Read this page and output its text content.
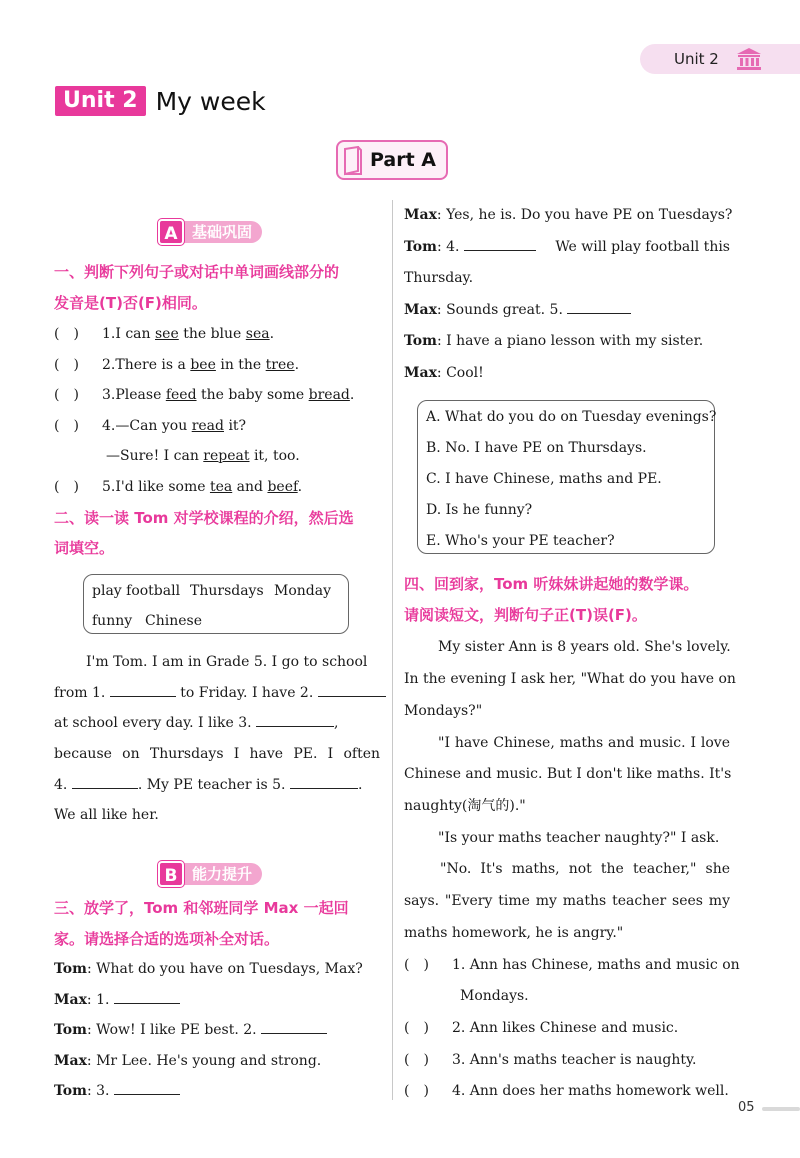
Unit 2
Unit 2 My week
Part A
A 基础巩固
一、判断下列句子或对话中单词画线部分的
发音是(T)否(F)相同。
(　) 1.I can see the blue sea.
(　) 2.There is a bee in the tree.
(　) 3.Please feed the baby some bread.
(　) 4.—Can you read it?
—Sure! I can repeat it, too.
(　) 5.I'd like some tea and beef.
二、读一读 Tom 对学校课程的介绍，然后选
词填空。
play football Thursdays Monday
funny Chinese
I'm Tom. I am in Grade 5. I go to school
from 1.	to Friday. I have 2.
at school every day. I like 3.	,
because on Thursdays I have PE. I often
4.	. My PE teacher is 5.	.
We all like her.
B 能力提升
三、放学了，Tom 和邻班同学 Max 一起回
家。请选择合适的选项补全对话。
Tom: What do you have on Tuesdays, Max?
Max: 1.
Tom: Wow! I like PE best. 2.
Max: Mr Lee. He's young and strong.
Tom: 3.
Max: Yes, he is. Do you have PE on Tuesdays?
Tom: 4.	We will play football this
Thursday.
Max: Sounds great. 5.
Tom: I have a piano lesson with my sister.
Max: Cool!
A. What do you do on Tuesday evenings?
B. No. I have PE on Thursdays.
C. I have Chinese, maths and PE.
D. Is he funny?
E. Who's your PE teacher?
四、回到家，Tom 听妹妹讲起她的数学课。
请阅读短文，判断句子正(T)误(F)。
My sister Ann is 8 years old. She's lovely.
In the evening I ask her, "What do you have on
Mondays?"
"I have Chinese, maths and music. I love
Chinese and music. But I don't like maths. It's
naughty(淘气的)."
"Is your maths teacher naughty?" I ask.
"No. It's maths, not the teacher," she
says. "Every time my maths teacher sees my
maths homework, he is angry."
(　) 1. Ann has Chinese, maths and music on
Mondays.
(　) 2. Ann likes Chinese and music.
(　) 3. Ann's maths teacher is naughty.
(　) 4. Ann does her maths homework well.
05
